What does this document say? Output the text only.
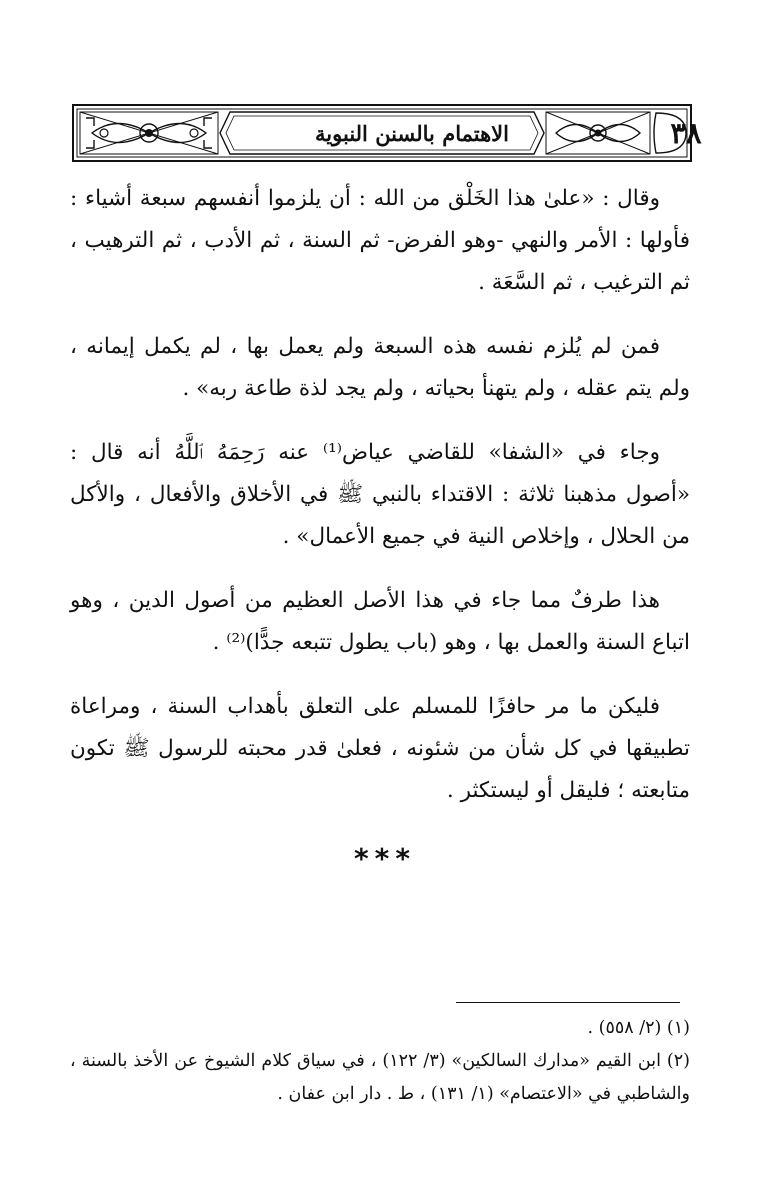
٣٨
الاهتمام بالسنن النبوية

وقال : «علىٰ هذا الخَلْق من الله : أن يلزموا أنفسهم سبعة أشياء : فأولها : الأمر والنهي -وهو الفرض- ثم السنة ، ثم الأدب ، ثم الترهيب ، ثم الترغيب ، ثم السَّعَة .

فمن لم يُلزم نفسه هذه السبعة ولم يعمل بها ، لم يكمل إيمانه ، ولم يتم عقله ، ولم يتهنأ بحياته ، ولم يجد لذة طاعة ربه» .

وجاء في «الشفا» للقاضي عياض⁽¹⁾ عنه رَحِمَهُ ٱللَّهُ أنه قال : «أصول مذهبنا ثلاثة : الاقتداء بالنبي ﷺ في الأخلاق والأفعال ، والأكل من الحلال ، وإخلاص النية في جميع الأعمال» .

هذا طرفٌ مما جاء في هذا الأصل العظيم من أصول الدين ، وهو اتباع السنة والعمل بها ، وهو (باب يطول تتبعه جدًّا)⁽²⁾ .

فليكن ما مر حافزًا للمسلم على التعلق بأهداب السنة ، ومراعاة تطبيقها في كل شأن من شئونه ، فعلىٰ قدر محبته للرسول ﷺ تكون متابعته ؛ فليقل أو ليستكثر .

***

(١) (٢/ ٥٥٨) .

(٢) ابن القيم «مدارك السالكين» (٣/ ١٢٢) ، في سياق كلام الشيوخ عن الأخذ بالسنة ، والشاطبي في «الاعتصام» (١/ ١٣١) ، ط . دار ابن عفان .
